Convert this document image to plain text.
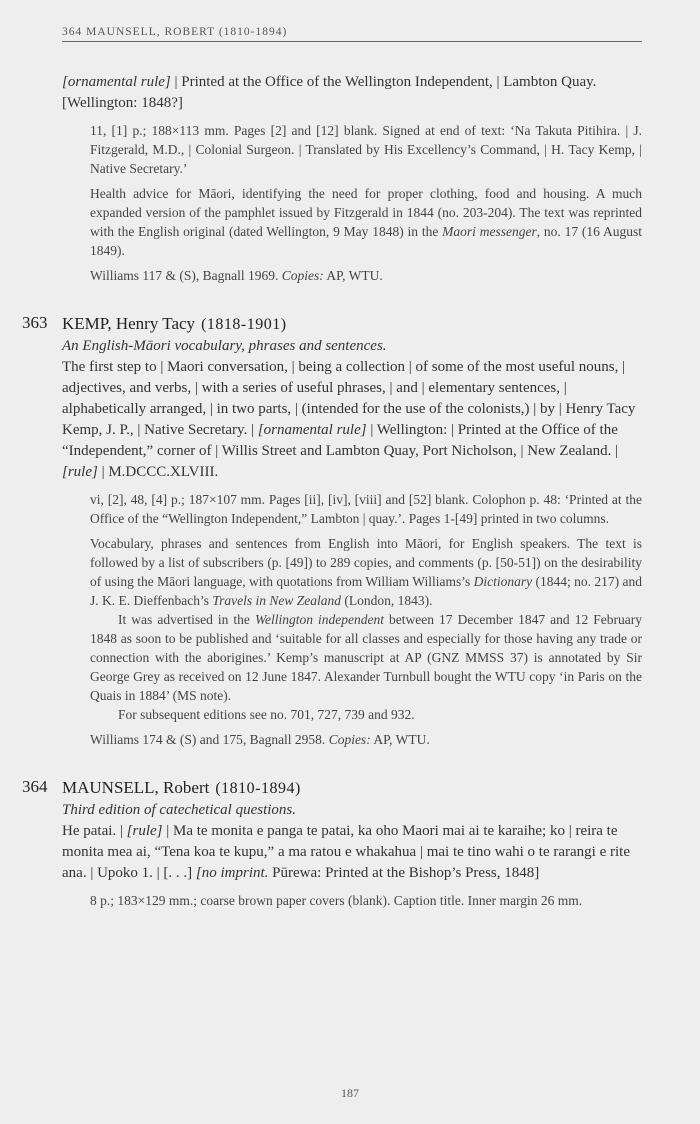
364 MAUNSELL, ROBERT (1810-1894)
[ornamental rule] | Printed at the Office of the Wellington Independent, | Lambton Quay. [Wellington: 1848?]

11, [1] p.; 188×113 mm. Pages [2] and [12] blank. Signed at end of text: ‘Na Takuta Pitihira. | J. Fitzgerald, M.D., | Colonial Surgeon. | Translated by His Excellency’s Command, | H. Tacy Kemp, | Native Secretary.’

Health advice for Māori, identifying the need for proper clothing, food and housing. A much expanded version of the pamphlet issued by Fitzgerald in 1844 (no. 203-204). The text was reprinted with the English original (dated Wellington, 9 May 1848) in the Maori messenger, no. 17 (16 August 1849).

Williams 117 & (S), Bagnall 1969. Copies: AP, WTU.

363 KEMP, Henry Tacy (1818-1901)
An English-Māori vocabulary, phrases and sentences.
The first step to | Maori conversation, | being a collection | of some of the most useful nouns, | adjectives, and verbs, | with a series of useful phrases, | and | elementary sentences, | alphabetically arranged, | in two parts, | (intended for the use of the colonists,) | by | Henry Tacy Kemp, J. P., | Native Secretary. | [ornamental rule] | Wellington: | Printed at the Office of the “Independent,” corner of | Willis Street and Lambton Quay, Port Nicholson, | New Zealand. | [rule] | M.DCCC.XLVIII.

vi, [2], 48, [4] p.; 187×107 mm. Pages [ii], [iv], [viii] and [52] blank. Colophon p. 48: ‘Printed at the Office of the “Wellington Independent,” Lambton | quay.’. Pages 1-[49] printed in two columns.

Vocabulary, phrases and sentences from English into Māori, for English speakers. The text is followed by a list of subscribers (p. [49]) to 289 copies, and comments (p. [50-51]) on the desirability of using the Māori language, with quotations from William Williams’s Dictionary (1844; no. 217) and J. K. E. Dieffenbach’s Travels in New Zealand (London, 1843).

It was advertised in the Wellington independent between 17 December 1847 and 12 February 1848 as soon to be published and ‘suitable for all classes and especially for those having any trade or connection with the aborigines.’ Kemp’s manuscript at AP (GNZ MMSS 37) is annotated by Sir George Grey as received on 12 June 1847. Alexander Turnbull bought the WTU copy ‘in Paris on the Quais in 1884’ (MS note).

For subsequent editions see no. 701, 727, 739 and 932.

Williams 174 & (S) and 175, Bagnall 2958. Copies: AP, WTU.

364 MAUNSELL, Robert (1810-1894)
Third edition of catechetical questions.
He patai. | [rule] | Ma te monita e panga te patai, ka oho Maori mai ai te karaihe; ko | reira te monita mea ai, “Tena koa te kupu,” a ma ratou e whakahua | mai te tino wahi o te rarangi e rite ana. | Upoko 1. | [. . .] [no imprint. Pūrewa: Printed at the Bishop’s Press, 1848]

8 p.; 183×129 mm.; coarse brown paper covers (blank). Caption title. Inner margin 26 mm.

187
